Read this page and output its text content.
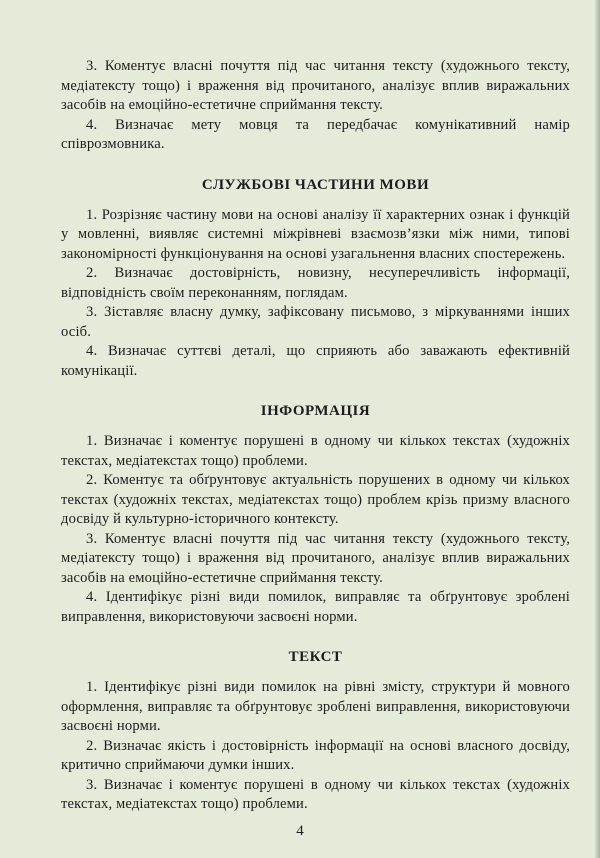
3. Коментує власні почуття під час читання тексту (художнього тексту, медіатексту тощо) і враження від прочитаного, аналізує вплив виражальних засобів на емоційно-естетичне сприймання тексту.

4. Визначає мету мовця та передбачає комунікативний намір співрозмовника.

СЛУЖБОВІ ЧАСТИНИ МОВИ

1. Розрізняє частину мови на основі аналізу її характерних ознак і функцій у мовленні, виявляє системні міжрівневі взаємозв’язки між ними, типові закономірності функціонування на основі узагальнення власних спостережень.

2. Визначає достовірність, новизну, несуперечливість інформації, відповідність своїм переконанням, поглядам.

3. Зіставляє власну думку, зафіксовану письмово, з міркуваннями інших осіб.

4. Визначає суттєві деталі, що сприяють або заважають ефективній комунікації.

ІНФОРМАЦІЯ

1. Визначає і коментує порушені в одному чи кількох текстах (художніх текстах, медіатекстах тощо) проблеми.

2. Коментує та обґрунтовує актуальність порушених в одному чи кількох текстах (художніх текстах, медіатекстах тощо) проблем крізь призму власного досвіду й культурно-історичного контексту.

3. Коментує власні почуття під час читання тексту (художнього тексту, медіатексту тощо) і враження від прочитаного, аналізує вплив виражальних засобів на емоційно-естетичне сприймання тексту.

4. Ідентифікує різні види помилок, виправляє та обґрунтовує зроблені виправлення, використовуючи засвоєні норми.

ТЕКСТ

1. Ідентифікує різні види помилок на рівні змісту, структури й мовного оформлення, виправляє та обґрунтовує зроблені виправлення, використовуючи засвоєні норми.

2. Визначає якість і достовірність інформації на основі власного досвіду, критично сприймаючи думки інших.

3. Визначає і коментує порушені в одному чи кількох текстах (художніх текстах, медіатекстах тощо) проблеми.

4
